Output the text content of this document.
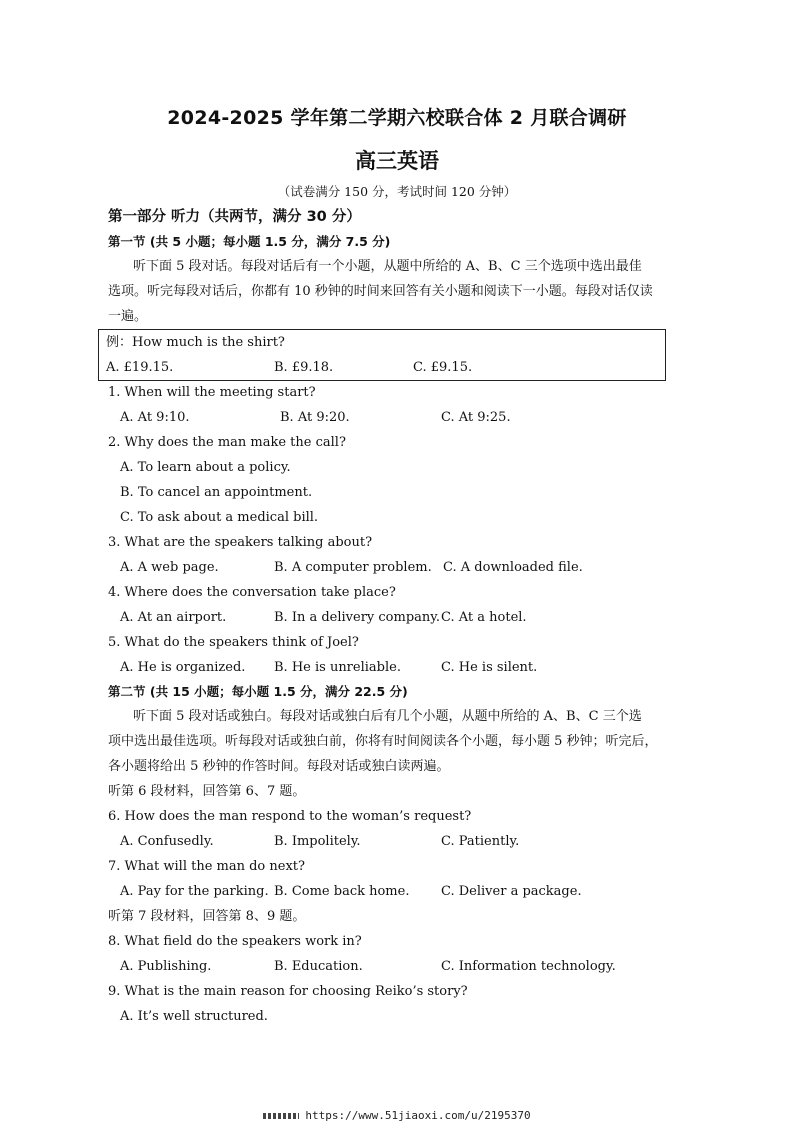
2024-2025 学年第二学期六校联合体 2 月联合调研
高三英语
（试卷满分 150 分，考试时间 120 分钟）
第一部分 听力（共两节，满分 30 分）
第一节 (共 5 小题；每小题 1.5 分，满分 7.5 分)
听下面 5 段对话。每段对话后有一个小题，从题中所给的 A、B、C 三个选项中选出最佳
选项。听完每段对话后，你都有 10 秒钟的时间来回答有关小题和阅读下一小题。每段对话仅读
一遍。
例：How much is the shirt?
A. £19.15.	B. £9.18.	C. £9.15.
1. When will the meeting start?
A. At 9:10.	B. At 9:20.	C. At 9:25.
2. Why does the man make the call?
A. To learn about a policy.
B. To cancel an appointment.
C. To ask about a medical bill.
3. What are the speakers talking about?
A. A web page.	B. A computer problem. C. A downloaded file.
4. Where does the conversation take place?
A. At an airport.	B. In a delivery company. C. At a hotel.
5. What do the speakers think of Joel?
A. He is organized. B. He is unreliable.	C. He is silent.
第二节 (共 15 小题；每小题 1.5 分，满分 22.5 分)
听下面 5 段对话或独白。每段对话或独白后有几个小题，从题中所给的 A、B、C 三个选
项中选出最佳选项。听每段对话或独白前，你将有时间阅读各个小题，每小题 5 秒钟；听完后，
各小题将给出 5 秒钟的作答时间。每段对话或独白读两遍。
听第 6 段材料，回答第 6、7 题。
6. How does the man respond to the woman’s request?
A. Confusedly.	B. Impolitely.	C. Patiently.
7. What will the man do next?
A. Pay for the parking. B. Come back home. C. Deliver a package.
听第 7 段材料，回答第 8、9 题。
8. What field do the speakers work in?
A. Publishing.	B. Education.	C. Information technology.
9. What is the main reason for choosing Reiko’s story?
A. It’s well structured.
https://www.51jiaoxi.com/u/2195370
